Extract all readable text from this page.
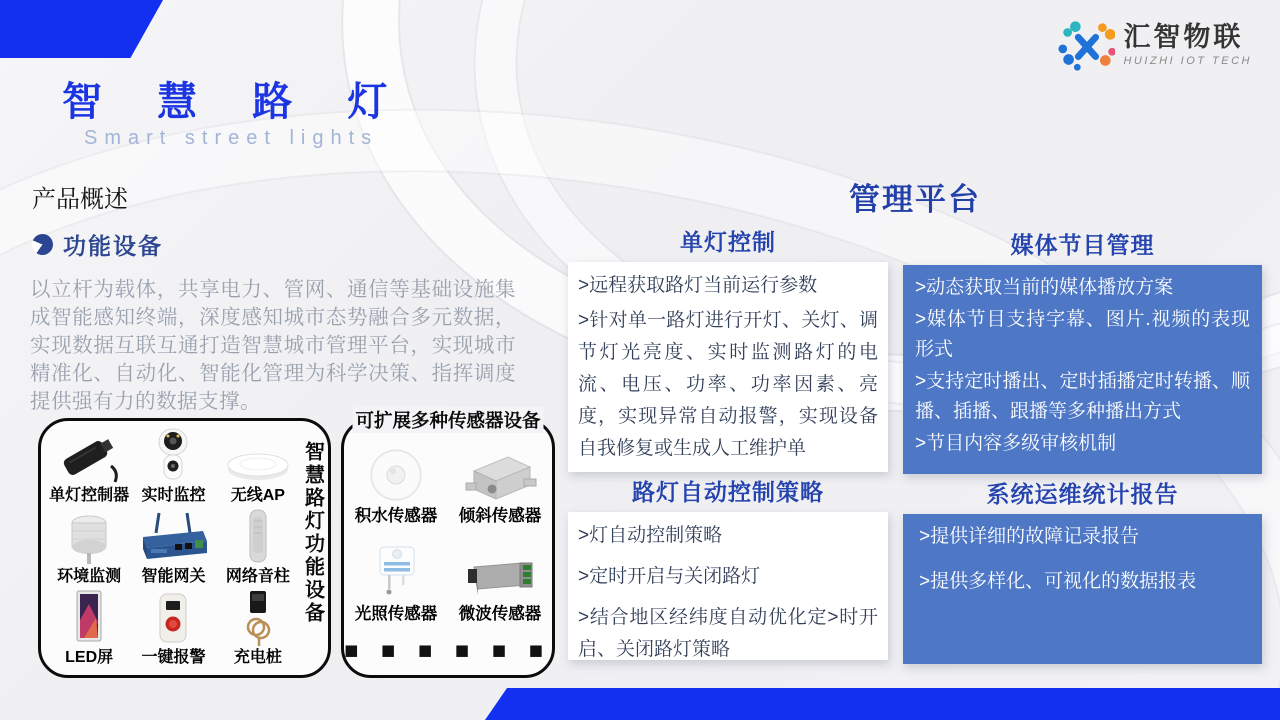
汇智物联
HUIZHI IOT TECH
智 慧 路 灯
Smart street lights
产品概述
功能设备
以立杆为载体，共享电力、管网、通信等基础设施集成智能感知终端，深度感知城市态势融合多元数据，实现数据互联互通打造智慧城市管理平台，实现城市精准化、自动化、智能化管理为科学决策、指挥调度提供强有力的数据支撑。
单灯控制器 实时监控 无线AP
环境监测 智能网关 网络音柱
LED屏 一键报警 充电桩
智慧路灯功能设备
可扩展多种传感器设备
积水传感器 倾斜传感器
光照传感器 微波传感器
■ ■ ■ ■ ■ ■
管理平台
单灯控制

>远程获取路灯当前运行参数

>针对单一路灯进行开灯、关灯、调节灯光亮度、实时监测路灯的电流、电压、功率、功率因素、亮度，实现异常自动报警，实现设备自我修复或生成人工维护单

媒体节目管理

>动态获取当前的媒体播放方案

>媒体节目支持字幕、图片.视频的表现形式

>支持定时播出、定时插播定时转播、顺播、插播、跟播等多种播出方式

>节目内容多级审核机制

路灯自动控制策略

>灯自动控制策略

>定时开启与关闭路灯

>结合地区经纬度自动优化定>时开启、关闭路灯策略

系统运维统计报告

>提供详细的故障记录报告

>提供多样化、可视化的数据报表
